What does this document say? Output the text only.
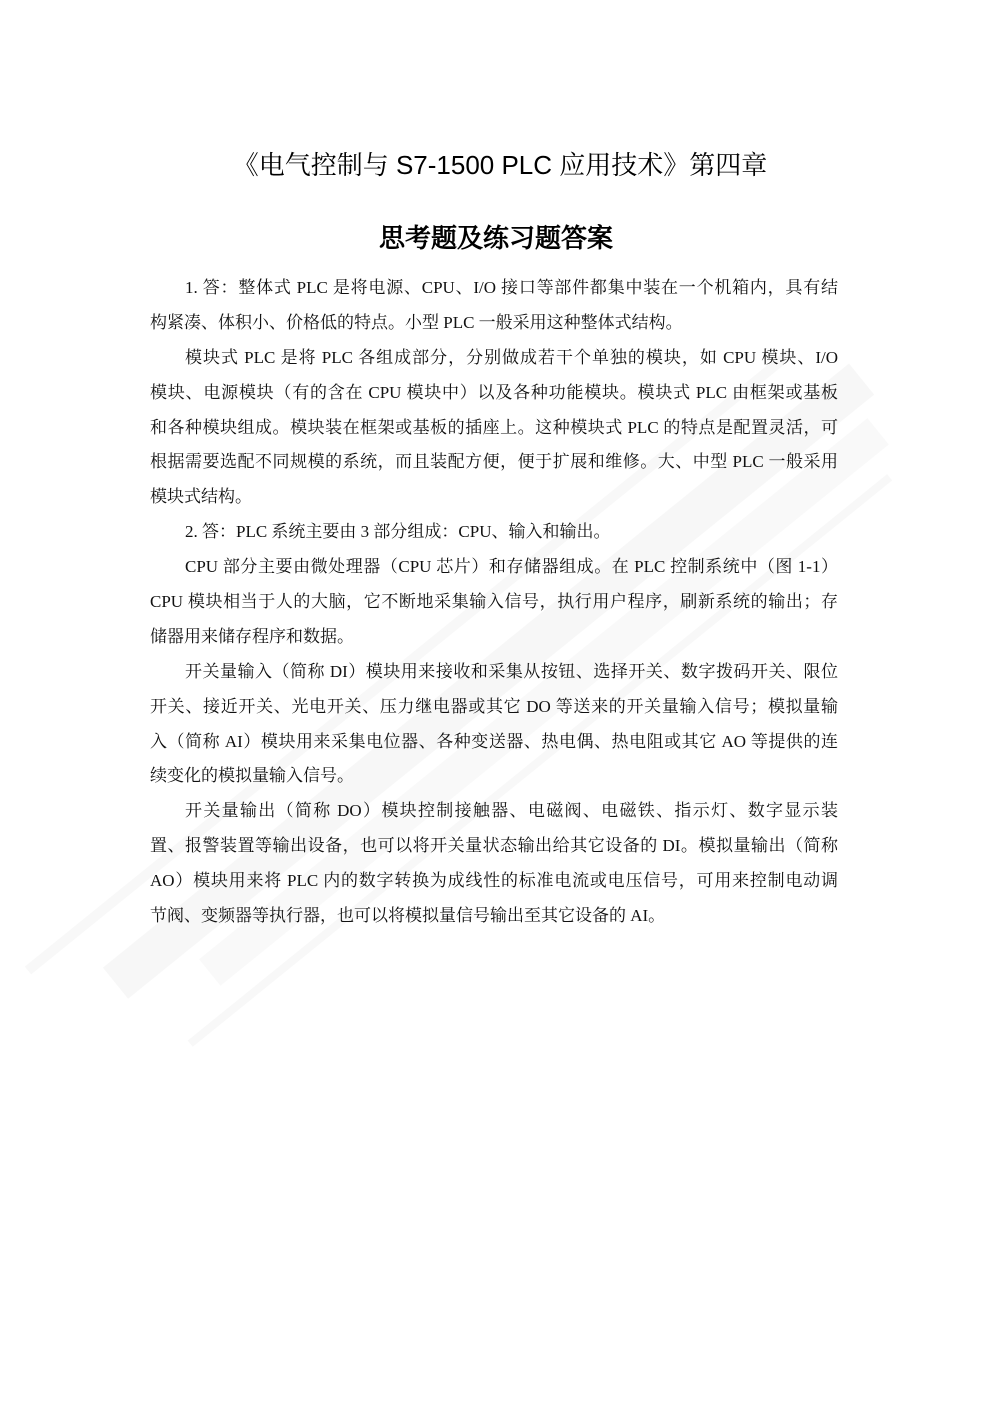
《电气控制与 S7-1500 PLC 应用技术》第四章
思考题及练习题答案
1. 答：整体式 PLC 是将电源、CPU、I/O 接口等部件都集中装在一个机箱内，具有结
构紧凑、体积小、价格低的特点。小型 PLC 一般采用这种整体式结构。
模块式 PLC 是将 PLC 各组成部分，分别做成若干个单独的模块，如 CPU 模块、I/O
模块、电源模块（有的含在 CPU 模块中）以及各种功能模块。模块式 PLC 由框架或基板
和各种模块组成。模块装在框架或基板的插座上。这种模块式 PLC 的特点是配置灵活，可
根据需要选配不同规模的系统，而且装配方便，便于扩展和维修。大、中型 PLC 一般采用
模块式结构。
2. 答：PLC 系统主要由 3 部分组成：CPU、输入和输出。
CPU 部分主要由微处理器（CPU 芯片）和存储器组成。在 PLC 控制系统中（图 1-1）
CPU 模块相当于人的大脑，它不断地采集输入信号，执行用户程序，刷新系统的输出；存
储器用来储存程序和数据。
开关量输入（简称 DI）模块用来接收和采集从按钮、选择开关、数字拨码开关、限位
开关、接近开关、光电开关、压力继电器或其它 DO 等送来的开关量输入信号；模拟量输
入（简称 AI）模块用来采集电位器、各种变送器、热电偶、热电阻或其它 AO 等提供的连
续变化的模拟量输入信号。
开关量输出（简称 DO）模块控制接触器、电磁阀、电磁铁、指示灯、数字显示装
置、报警装置等输出设备，也可以将开关量状态输出给其它设备的 DI。模拟量输出（简称
AO）模块用来将 PLC 内的数字转换为成线性的标准电流或电压信号，可用来控制电动调
节阀、变频器等执行器，也可以将模拟量信号输出至其它设备的 AI。
